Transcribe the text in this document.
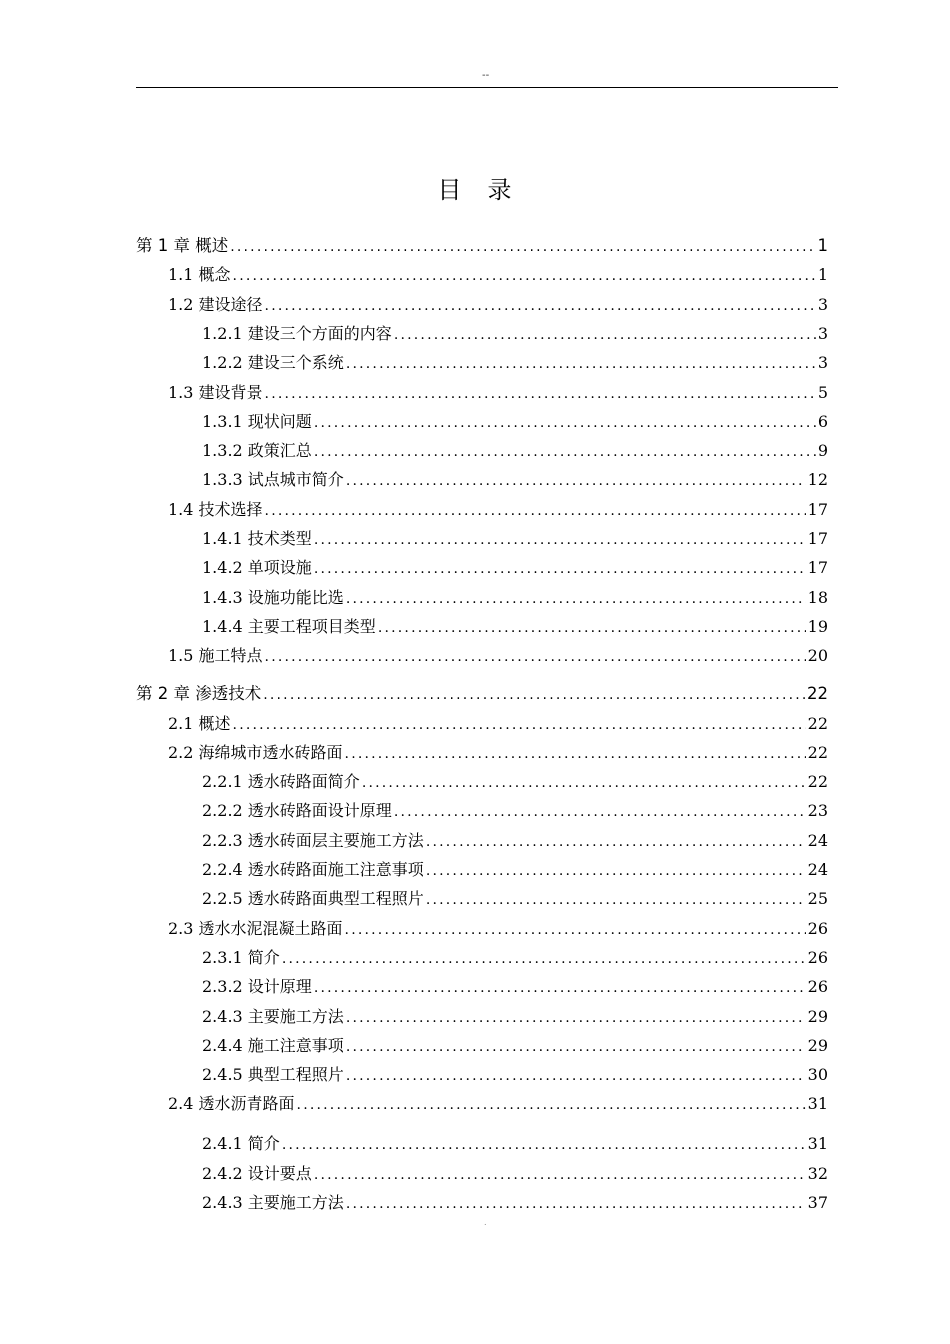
--
目录
第 1 章 概述 .....	1
1.1 概念 .....	1
1.2 建设途径 .....	3
1.2.1 建设三个方面的内容 .....	3
1.2.2 建设三个系统 .....	3
1.3 建设背景 .....	5
1.3.1 现状问题 .....	6
1.3.2 政策汇总 .....	9
1.3.3 试点城市简介 .....	12
1.4 技术选择 .....	17
1.4.1 技术类型 .....	17
1.4.2 单项设施 .....	17
1.4.3 设施功能比选 .....	18
1.4.4 主要工程项目类型 .....	19
1.5 施工特点 .....	20
第 2 章 渗透技术 .....	22
2.1 概述 .....	22
2.2 海绵城市透水砖路面 .....	22
2.2.1 透水砖路面简介 .....	22
2.2.2 透水砖路面设计原理 .....	23
2.2.3 透水砖面层主要施工方法 .....	24
2.2.4 透水砖路面施工注意事项 .....	24
2.2.5 透水砖路面典型工程照片 .....	25
2.3 透水水泥混凝土路面 .....	26
2.3.1 简介 .....	26
2.3.2 设计原理 .....	26
2.4.3 主要施工方法 .....	29
2.4.4 施工注意事项 .....	29
2.4.5 典型工程照片 .....	30
2.4 透水沥青路面 .....	31
2.4.1 简介 .....	31
2.4.2 设计要点 .....	32
2.4.3 主要施工方法 .....	37
.
